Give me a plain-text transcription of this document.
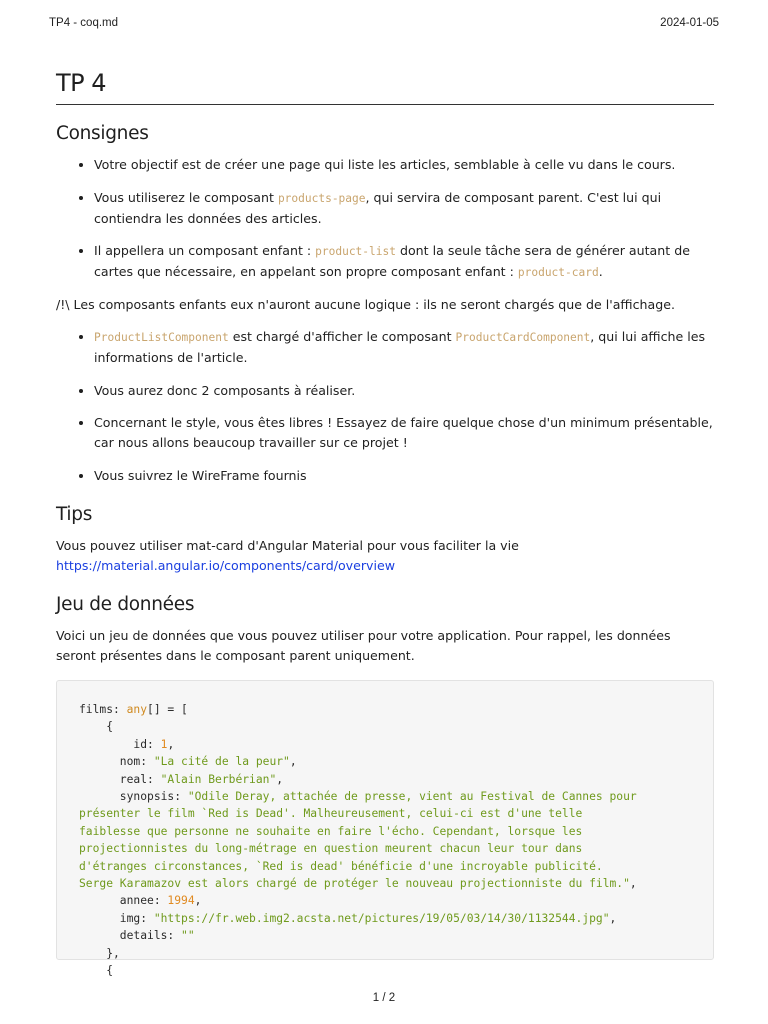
TP4 - coq.md	2024-01-05
TP 4
Consignes
• Votre objectif est de créer une page qui liste les articles, semblable à celle vu dans le cours.
• Vous utiliserez le composant products-page, qui servira de composant parent. C'est lui qui contiendra les données des articles.
• Il appellera un composant enfant : product-list dont la seule tâche sera de générer autant de cartes que nécessaire, en appelant son propre composant enfant : product-card.

/!\ Les composants enfants eux n'auront aucune logique : ils ne seront chargés que de l'affichage.

• ProductListComponent est chargé d'afficher le composant ProductCardComponent, qui lui affiche les informations de l'article.
• Vous aurez donc 2 composants à réaliser.
• Concernant le style, vous êtes libres ! Essayez de faire quelque chose d'un minimum présentable, car nous allons beaucoup travailler sur ce projet !
• Vous suivrez le WireFrame fournis
Tips

Vous pouvez utiliser mat-card d'Angular Material pour vous faciliter la vie
https://material.angular.io/components/card/overview

Jeu de données

Voici un jeu de données que vous pouvez utiliser pour votre application. Pour rappel, les données seront présentes dans le composant parent uniquement.

films: any[] = [
{
id: 1,
nom: "La cité de la peur",
real: "Alain Berbérian",
synopsis: "Odile Deray, attachée de presse, vient au Festival de Cannes pour
présenter le film `Red is Dead'. Malheureusement, celui-ci est d'une telle
faiblesse que personne ne souhaite en faire l'écho. Cependant, lorsque les
projectionnistes du long-métrage en question meurent chacun leur tour dans
d'étranges circonstances, `Red is dead' bénéficie d'une incroyable publicité.
Serge Karamazov est alors chargé de protéger le nouveau projectionniste du film.",
annee: 1994,
img: "https://fr.web.img2.acsta.net/pictures/19/05/03/14/30/1132544.jpg",
details: ""
},
{
1 / 2
